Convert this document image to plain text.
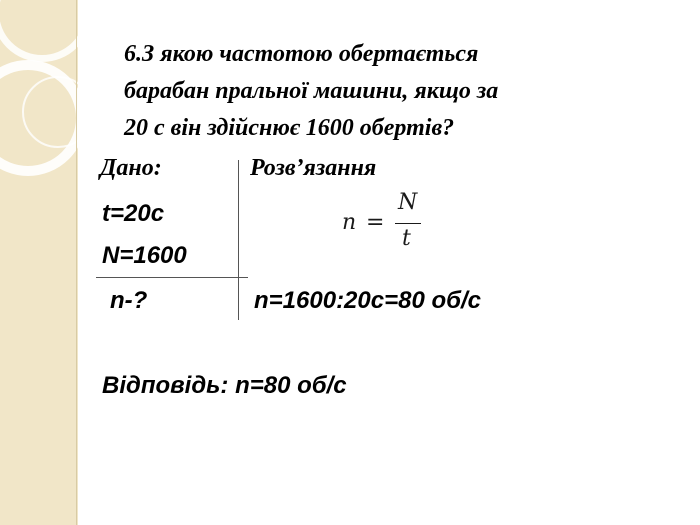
6.З якою частотою обертається
барабан пральної машини, якщо за
20 с він здійснює 1600 обертів?
Дано:	Розв’язання
t=20c
N=1600
n-?
n =
N
t
n=1600:20c=80 об/с
Відповідь: n=80 об/с
